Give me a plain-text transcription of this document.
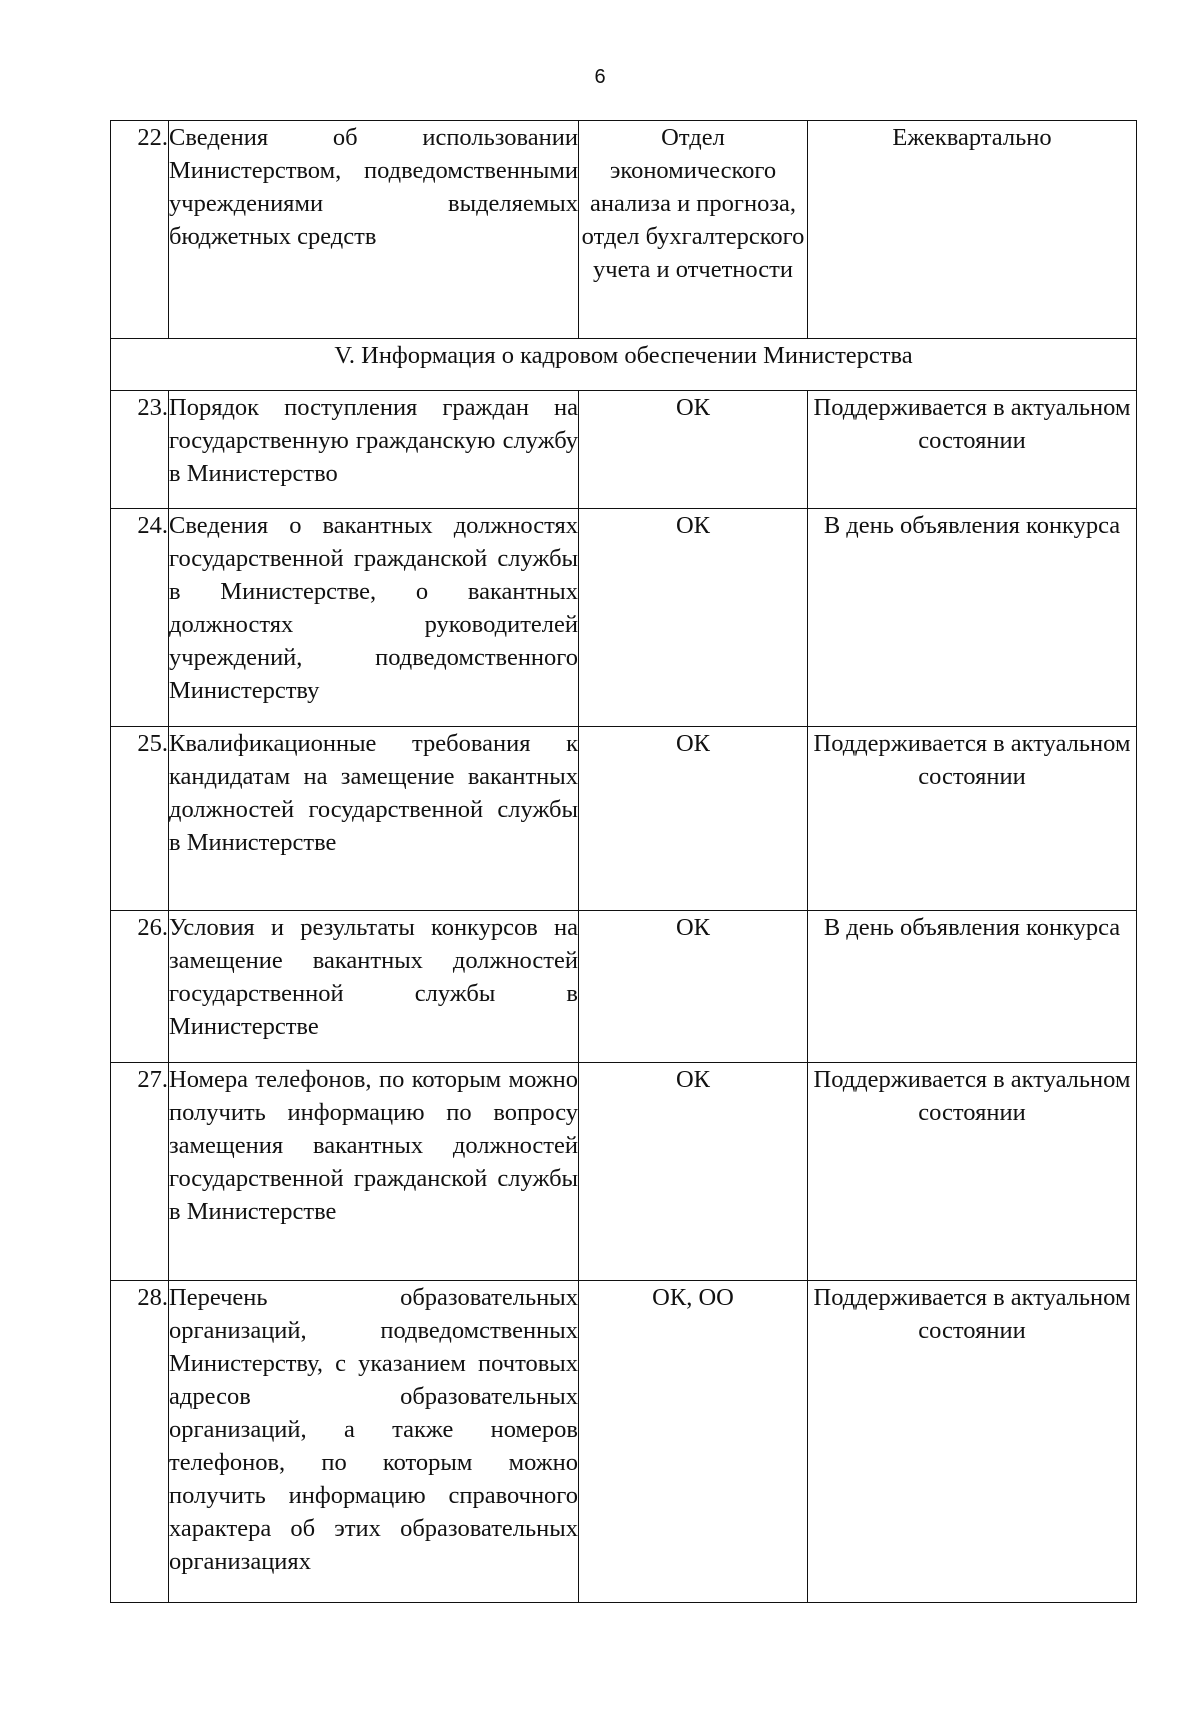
6
22.	Сведения об использовании Министерством, подведомственными учреждениями выделяемых бюджетных средств	Отдел экономического анализа и прогноза, отдел бухгалтерского учета и отчетности	Ежеквартально
V. Информация о кадровом обеспечении Министерства			
23.	Порядок поступления граждан на государственную гражданскую службу в Министерство	ОК	Поддерживается в актуальном состоянии
24.	Сведения о вакантных должностях государственной гражданской службы в Министерстве, о вакантных должностях руководителей учреждений, подведомственного Министерству	ОК	В день объявления конкурса
25.	Квалификационные требования к кандидатам на замещение вакантных должностей государственной службы в Министерстве	ОК	Поддерживается в актуальном состоянии
26.	Условия и результаты конкурсов на замещение вакантных должностей государственной службы в Министерстве	ОК	В день объявления конкурса
27.	Номера телефонов, по которым можно получить информацию по вопросу замещения вакантных должностей государственной гражданской службы в Министерстве	ОК	Поддерживается в актуальном состоянии
28.	Перечень образовательных организаций, подведомственных Министерству, с указанием почтовых адресов образовательных организаций, а также номеров телефонов, по которым можно получить информацию справочного характера об этих образовательных организациях	ОК, ОО	Поддерживается в актуальном состоянии
